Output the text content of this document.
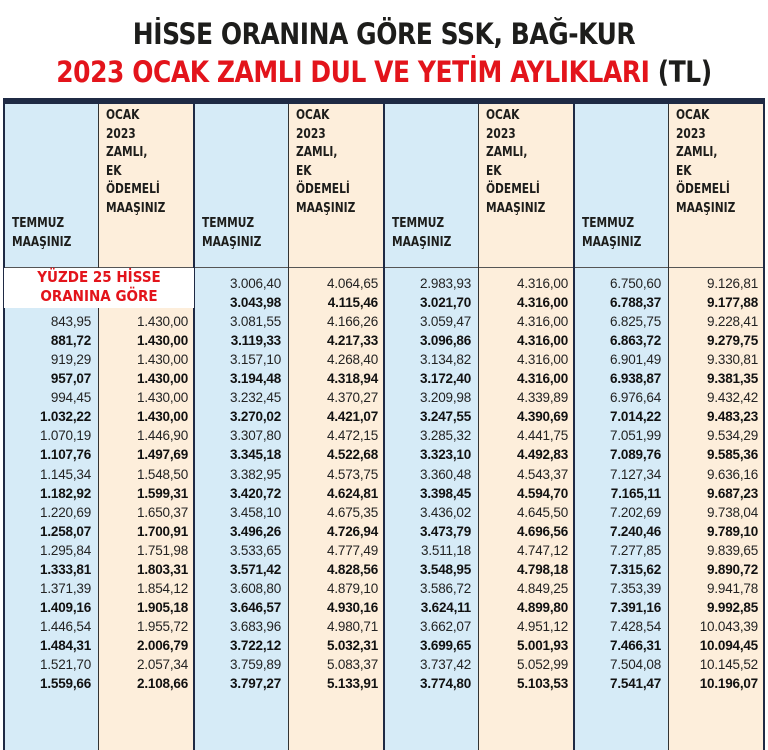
HİSSE ORANINA GÖRE SSK, BAĞ-KUR
2023 OCAK ZAMLI DUL VE YETİM AYLIKLARI (TL)
TEMMUZ
MAAŞINIZ
OCAK
2023
ZAMLI,
EK
ÖDEMELİ
MAAŞINIZ
843,95	1.430,00
881,72	1.430,00
919,29	1.430,00
957,07	1.430,00
994,45	1.430,00
1.032,22	1.430,00
1.070,19	1.446,90
1.107,76	1.497,69
1.145,34	1.548,50
1.182,92	1.599,31
1.220,69	1.650,37
1.258,07	1.700,91
1.295,84	1.751,98
1.333,81	1.803,31
1.371,39	1.854,12
1.409,16	1.905,18
1.446,54	1.955,72
1.484,31	2.006,79
1.521,70	2.057,34
1.559,66	2.108,66
TEMMUZ
MAAŞINIZ
OCAK
2023
ZAMLI,
EK
ÖDEMELİ
MAAŞINIZ
3.006,40	4.064,65
3.043,98	4.115,46
3.081,55	4.166,26
3.119,33	4.217,33
3.157,10	4.268,40
3.194,48	4.318,94
3.232,45	4.370,27
3.270,02	4.421,07
3.307,80	4.472,15
3.345,18	4.522,68
3.382,95	4.573,75
3.420,72	4.624,81
3.458,10	4.675,35
3.496,26	4.726,94
3.533,65	4.777,49
3.571,42	4.828,56
3.608,80	4.879,10
3.646,57	4.930,16
3.683,96	4.980,71
3.722,12	5.032,31
3.759,89	5.083,37
3.797,27	5.133,91
TEMMUZ
MAAŞINIZ
OCAK
2023
ZAMLI,
EK
ÖDEMELİ
MAAŞINIZ
2.983,93	4.316,00
3.021,70	4.316,00
3.059,47	4.316,00
3.096,86	4.316,00
3.134,82	4.316,00
3.172,40	4.316,00
3.209,98	4.339,89
3.247,55	4.390,69
3.285,32	4.441,75
3.323,10	4.492,83
3.360,48	4.543,37
3.398,45	4.594,70
3.436,02	4.645,50
3.473,79	4.696,56
3.511,18	4.747,12
3.548,95	4.798,18
3.586,72	4.849,25
3.624,11	4.899,80
3.662,07	4.951,12
3.699,65	5.001,93
3.737,42	5.052,99
3.774,80	5.103,53
TEMMUZ
MAAŞINIZ
OCAK
2023
ZAMLI,
EK
ÖDEMELİ
MAAŞINIZ
6.750,60	9.126,81
6.788,37	9.177,88
6.825,75	9.228,41
6.863,72	9.279,75
6.901,49	9.330,81
6.938,87	9.381,35
6.976,64	9.432,42
7.014,22	9.483,23
7.051,99	9.534,29
7.089,76	9.585,36
7.127,34	9.636,16
7.165,11	9.687,23
7.202,69	9.738,04
7.240,46	9.789,10
7.277,85	9.839,65
7.315,62	9.890,72
7.353,39	9.941,78
7.391,16	9.992,85
7.428,54	10.043,39
7.466,31	10.094,45
7.504,08	10.145,52
7.541,47	10.196,07
YÜZDE 25 HİSSE
ORANINA GÖRE
